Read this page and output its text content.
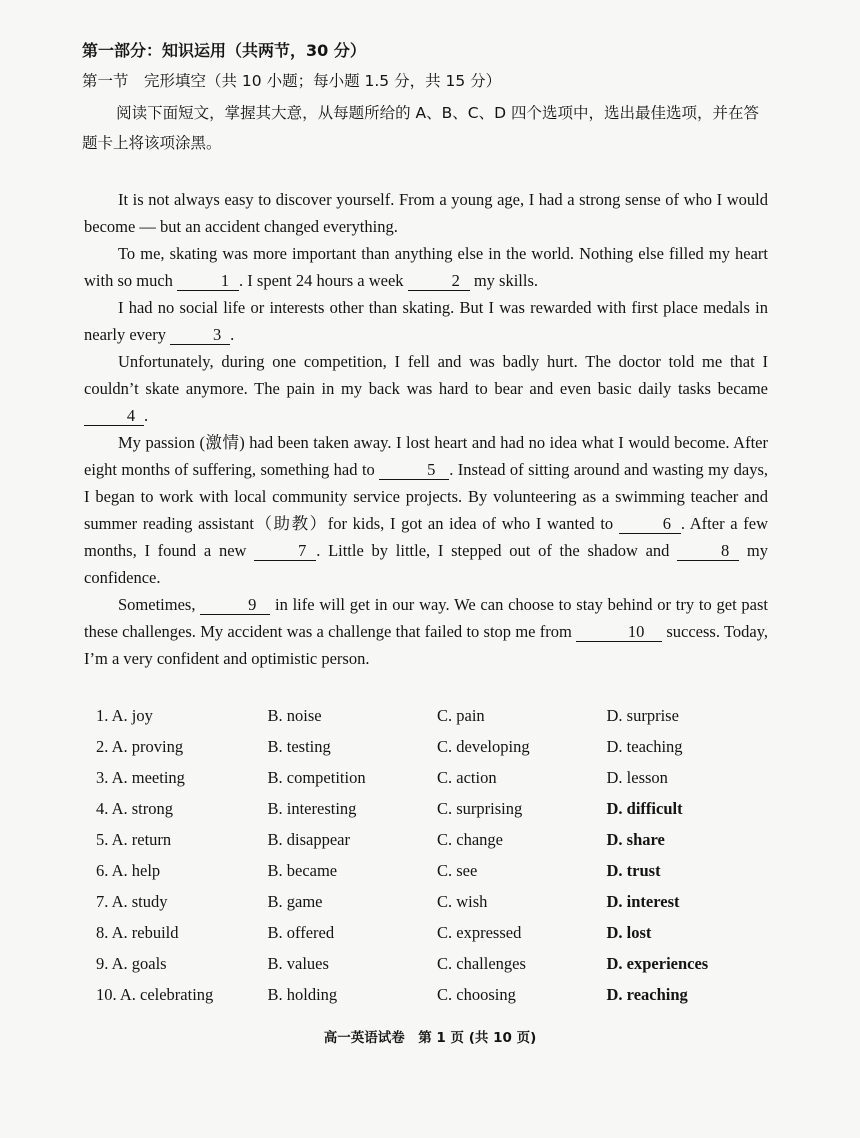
第一部分：知识运用（共两节，30 分）
第一节　完形填空（共 10 小题；每小题 1.5 分，共 15 分）
阅读下面短文，掌握其大意，从每题所给的 A、B、C、D 四个选项中，选出最佳选项，并在答题卡上将该项涂黑。

It is not always easy to discover yourself. From a young age, I had a strong sense of who I would become — but an accident changed everything.

To me, skating was more important than anything else in the world. Nothing else filled my heart with so much	1 . I spent 24 hours a week	2 my skills.

I had no social life or interests other than skating. But I was rewarded with first place medals in nearly every	3 .

Unfortunately, during one competition, I fell and was badly hurt. The doctor told me that I couldn’t skate anymore. The pain in my back was hard to bear and even basic daily tasks became 4 .

My passion (激情) had been taken away. I lost heart and had no idea what I would become. After eight months of suffering, something had to	5 . Instead of sitting around and wasting my days, I began to work with local community service projects. By volunteering as a swimming teacher and summer reading assistant（助教）for kids, I got an idea of who I wanted to	6 . After a few months, I found a new	7 . Little by little, I stepped out of the shadow and	8 my confidence.

Sometimes,	9 in life will get in our way. We can choose to stay behind or try to get past these challenges. My accident was a challenge that failed to stop me from	10 success. Today, I’m a very confident and optimistic person.

1. A. joy	B. noise	C. pain	D. surprise
2. A. proving	B. testing	C. developing	D. teaching
3. A. meeting	B. competition	C. action	D. lesson
4. A. strong	B. interesting	C. surprising	D. difficult
5. A. return	B. disappear	C. change	D. share
6. A. help	B. became	C. see	D. trust
7. A. study	B. game	C. wish	D. interest
8. A. rebuild	B. offered	C. expressed	D. lost
9. A. goals	B. values	C. challenges	D. experiences
10. A. celebrating	B. holding	C. choosing	D. reaching
高一英语试卷　第 1 页 (共 10 页)
